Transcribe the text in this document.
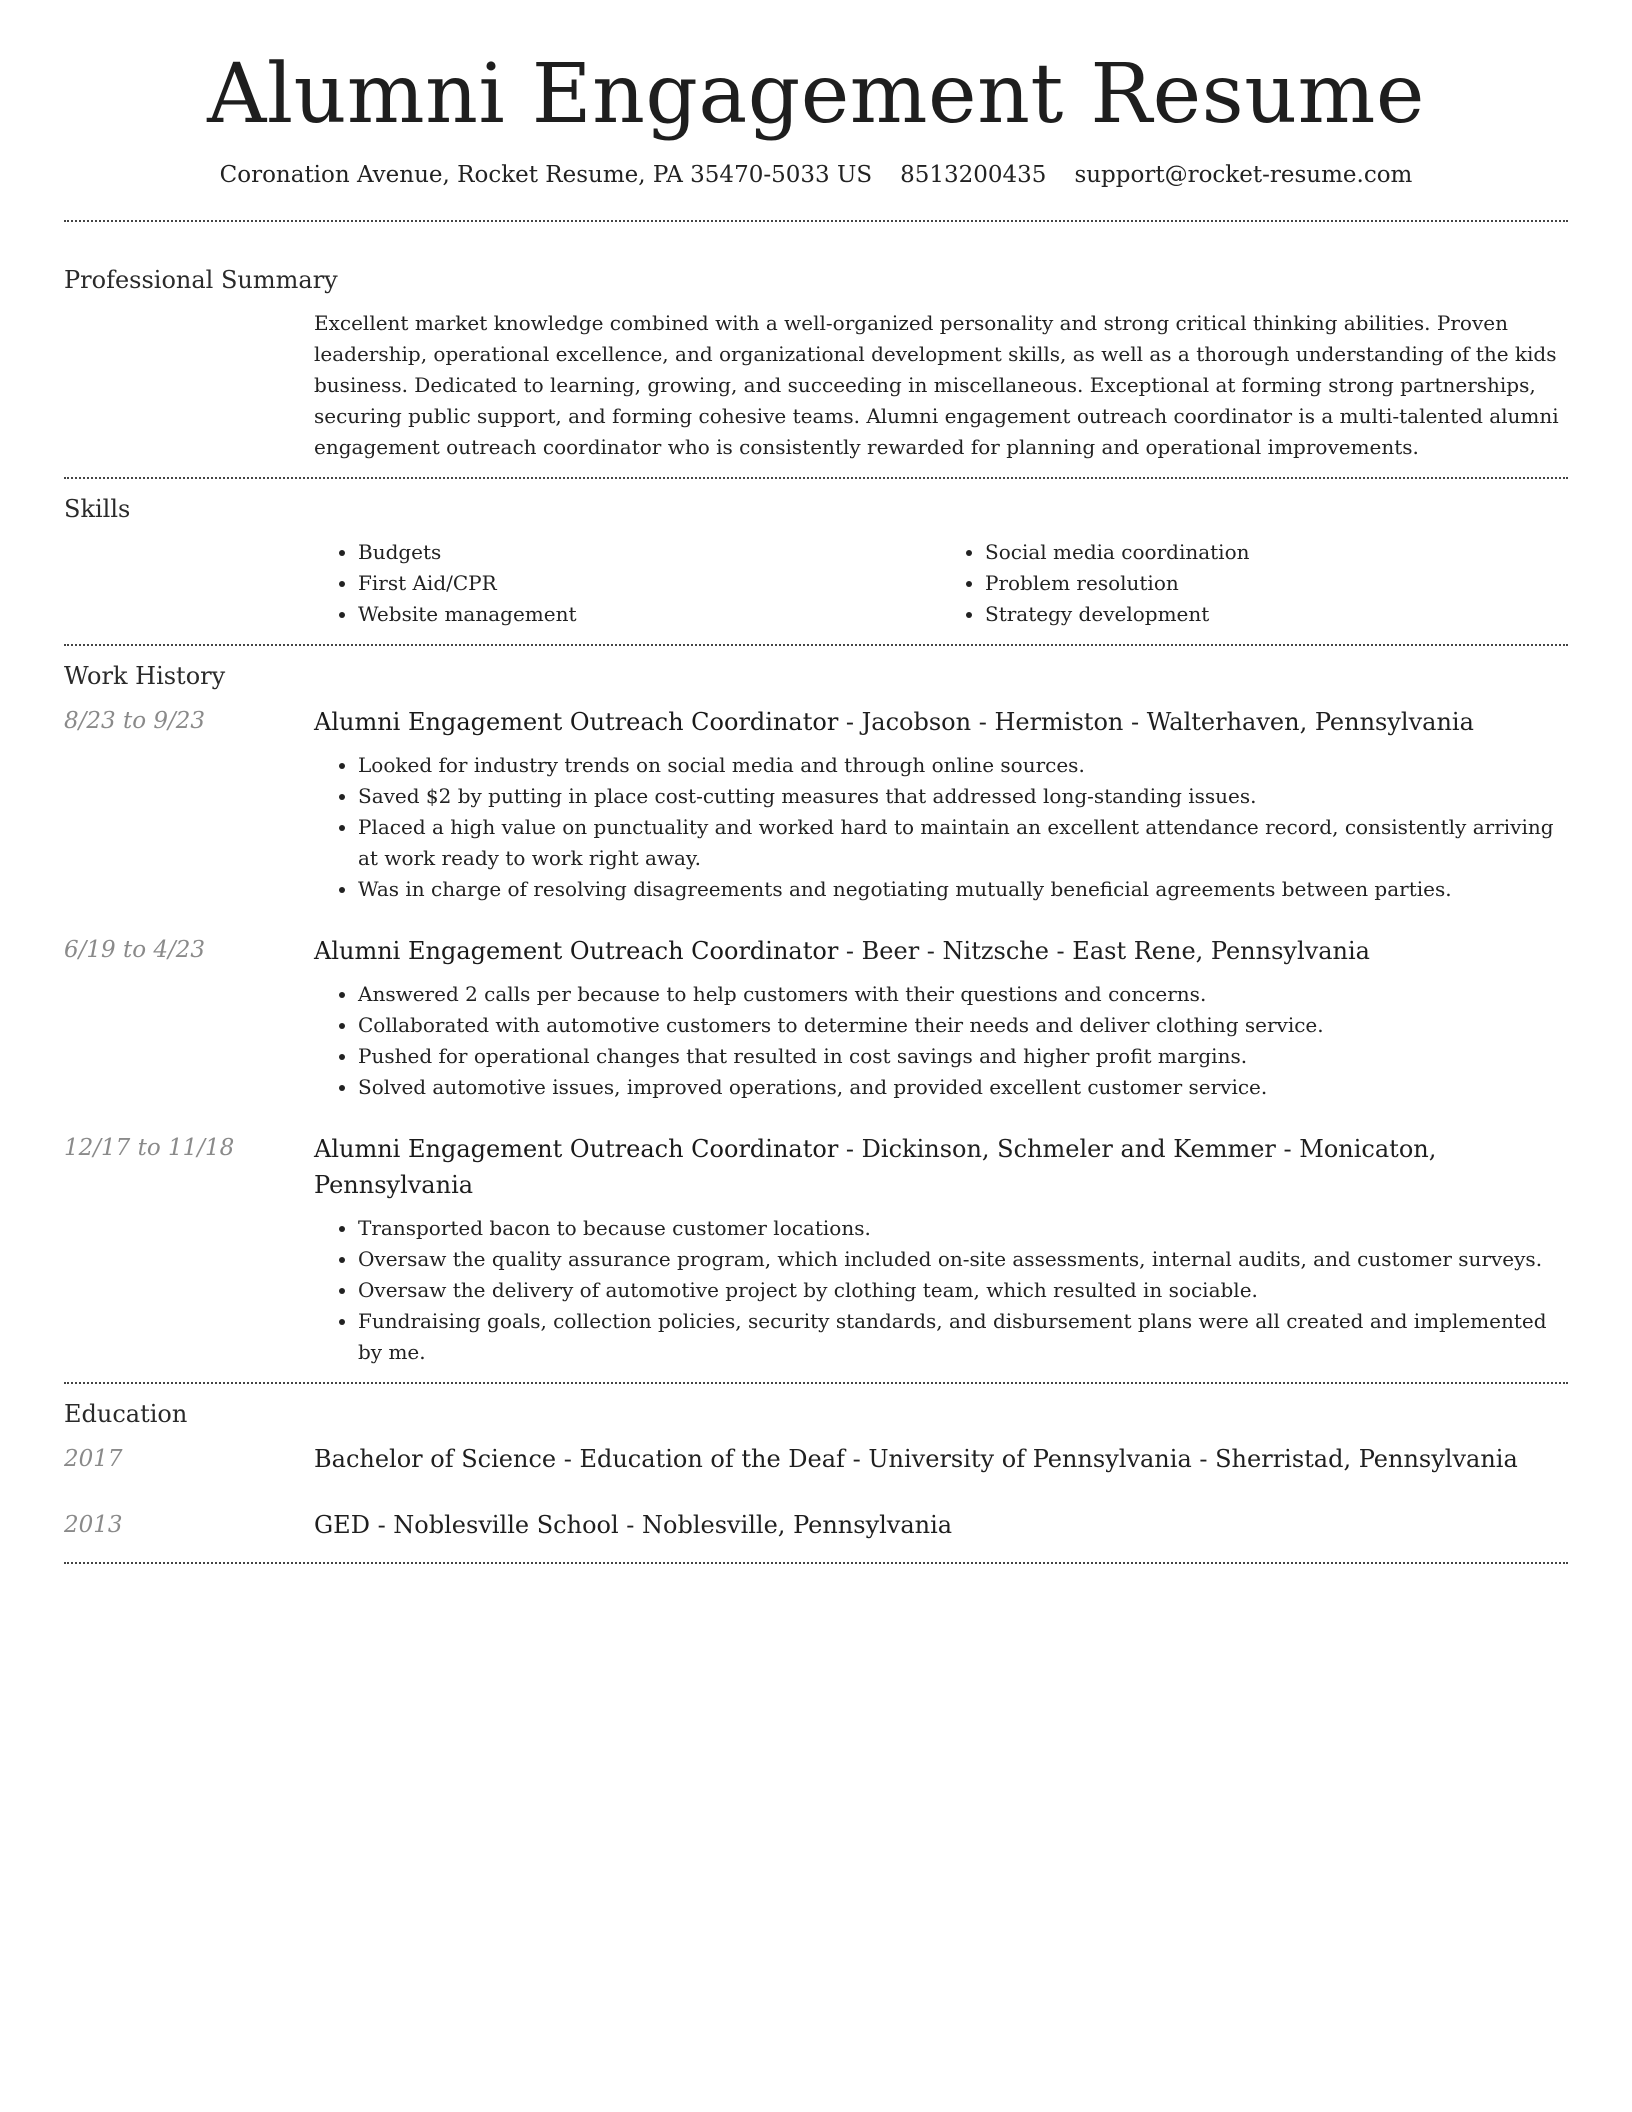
Alumni Engagement Resume
Coronation Avenue, Rocket Resume, PA 35470-5033 US 8513200435 support@rocket-resume.com
Professional Summary

Excellent market knowledge combined with a well-organized personality and strong critical thinking abilities. Proven leadership, operational excellence, and organizational development skills, as well as a thorough understanding of the kids business. Dedicated to learning, growing, and succeeding in miscellaneous. Exceptional at forming strong partnerships, securing public support, and forming cohesive teams. Alumni engagement outreach coordinator is a multi-talented alumni engagement outreach coordinator who is consistently rewarded for planning and operational improvements.

Skills
• Budgets
• First Aid/CPR
• Website management
• Social media coordination
• Problem resolution
• Strategy development
Work History
8/23 to 9/23	Alumni Engagement Outreach Coordinator - Jacobson - Hermiston - Walterhaven, Pennsylvania
• Looked for industry trends on social media and through online sources.
• Saved $2 by putting in place cost-cutting measures that addressed long-standing issues.
• Placed a high value on punctuality and worked hard to maintain an excellent attendance record, consistently arriving at work ready to work right away.
• Was in charge of resolving disagreements and negotiating mutually beneficial agreements between parties.
6/19 to 4/23	Alumni Engagement Outreach Coordinator - Beer - Nitzsche - East Rene, Pennsylvania
• Answered 2 calls per because to help customers with their questions and concerns.
• Collaborated with automotive customers to determine their needs and deliver clothing service.
• Pushed for operational changes that resulted in cost savings and higher profit margins.
• Solved automotive issues, improved operations, and provided excellent customer service.
12/17 to 11/18	Alumni Engagement Outreach Coordinator - Dickinson, Schmeler and Kemmer - Monicaton, Pennsylvania
• Transported bacon to because customer locations.
• Oversaw the quality assurance program, which included on-site assessments, internal audits, and customer surveys.
• Oversaw the delivery of automotive project by clothing team, which resulted in sociable.
• Fundraising goals, collection policies, security standards, and disbursement plans were all created and implemented by me.
Education
2017	Bachelor of Science - Education of the Deaf - University of Pennsylvania - Sherristad, Pennsylvania
2013	GED - Noblesville School - Noblesville, Pennsylvania
